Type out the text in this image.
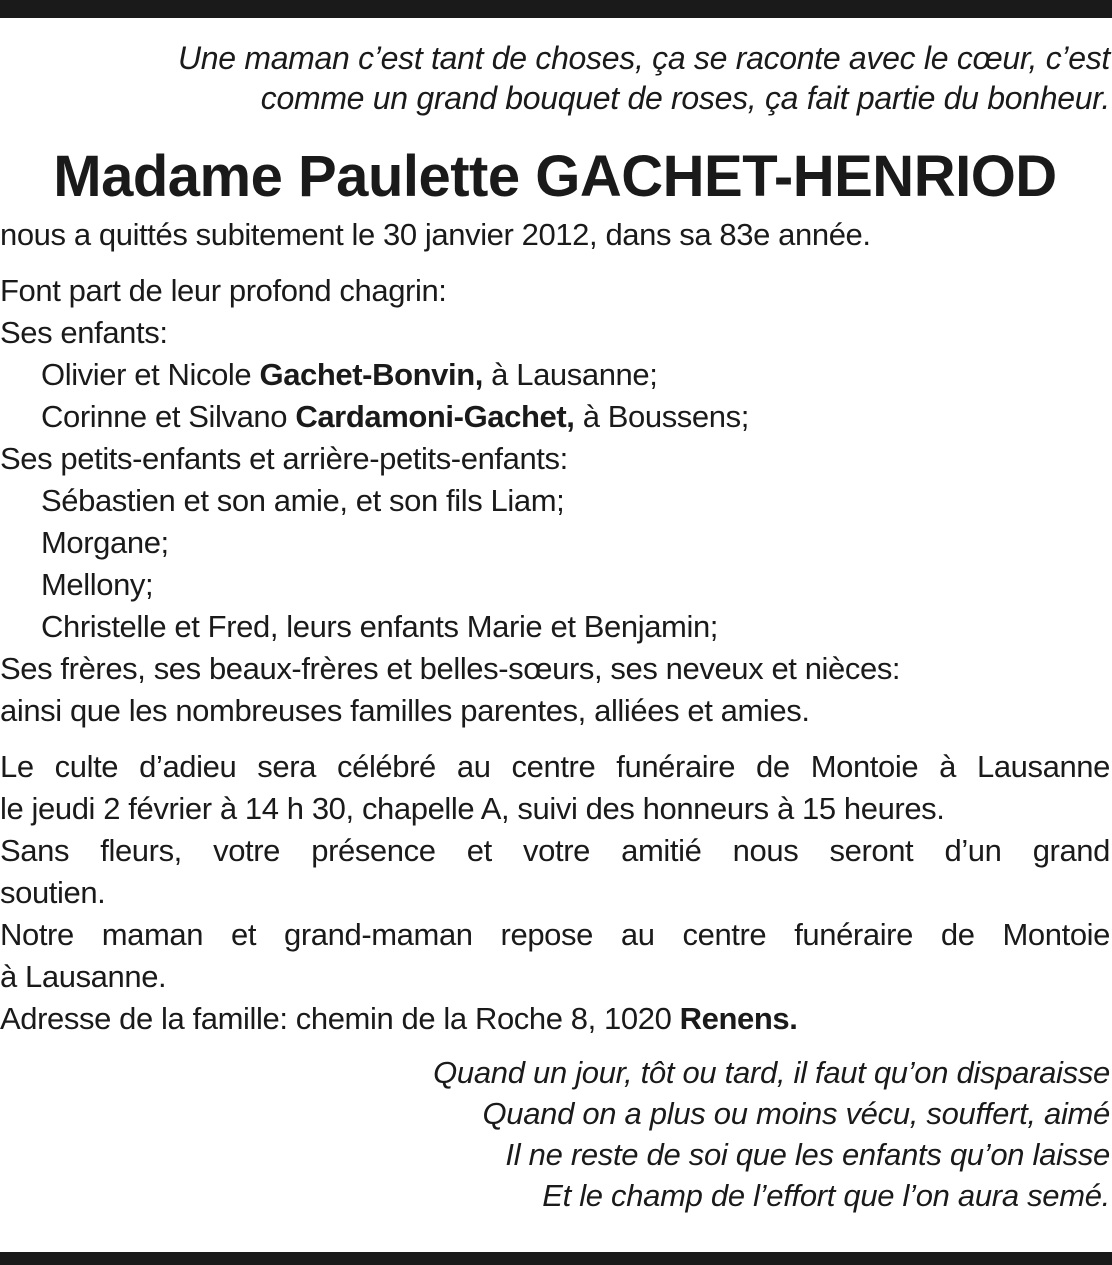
Une maman c’est tant de choses, ça se raconte avec le cœur, c’est
comme un grand bouquet de roses, ça fait partie du bonheur.
Madame Paulette GACHET-HENRIOD
nous a quittés subitement le 30 janvier 2012, dans sa 83e année.
Font part de leur profond chagrin:
Ses enfants:
Olivier et Nicole Gachet-Bonvin, à Lausanne;
Corinne et Silvano Cardamoni-Gachet, à Boussens;
Ses petits-enfants et arrière-petits-enfants:
Sébastien et son amie, et son fils Liam;
Morgane;
Mellony;
Christelle et Fred, leurs enfants Marie et Benjamin;
Ses frères, ses beaux-frères et belles-sœurs, ses neveux et nièces:
ainsi que les nombreuses familles parentes, alliées et amies.
Le culte d’adieu sera célébré au centre funéraire de Montoie à Lausanne
le jeudi 2 février à 14 h 30, chapelle A, suivi des honneurs à 15 heures.
Sans fleurs, votre présence et votre amitié nous seront d’un grand
soutien.
Notre maman et grand-maman repose au centre funéraire de Montoie
à Lausanne.
Adresse de la famille: chemin de la Roche 8, 1020 Renens.
Quand un jour, tôt ou tard, il faut qu’on disparaisse
Quand on a plus ou moins vécu, souffert, aimé
Il ne reste de soi que les enfants qu’on laisse
Et le champ de l’effort que l’on aura semé.
